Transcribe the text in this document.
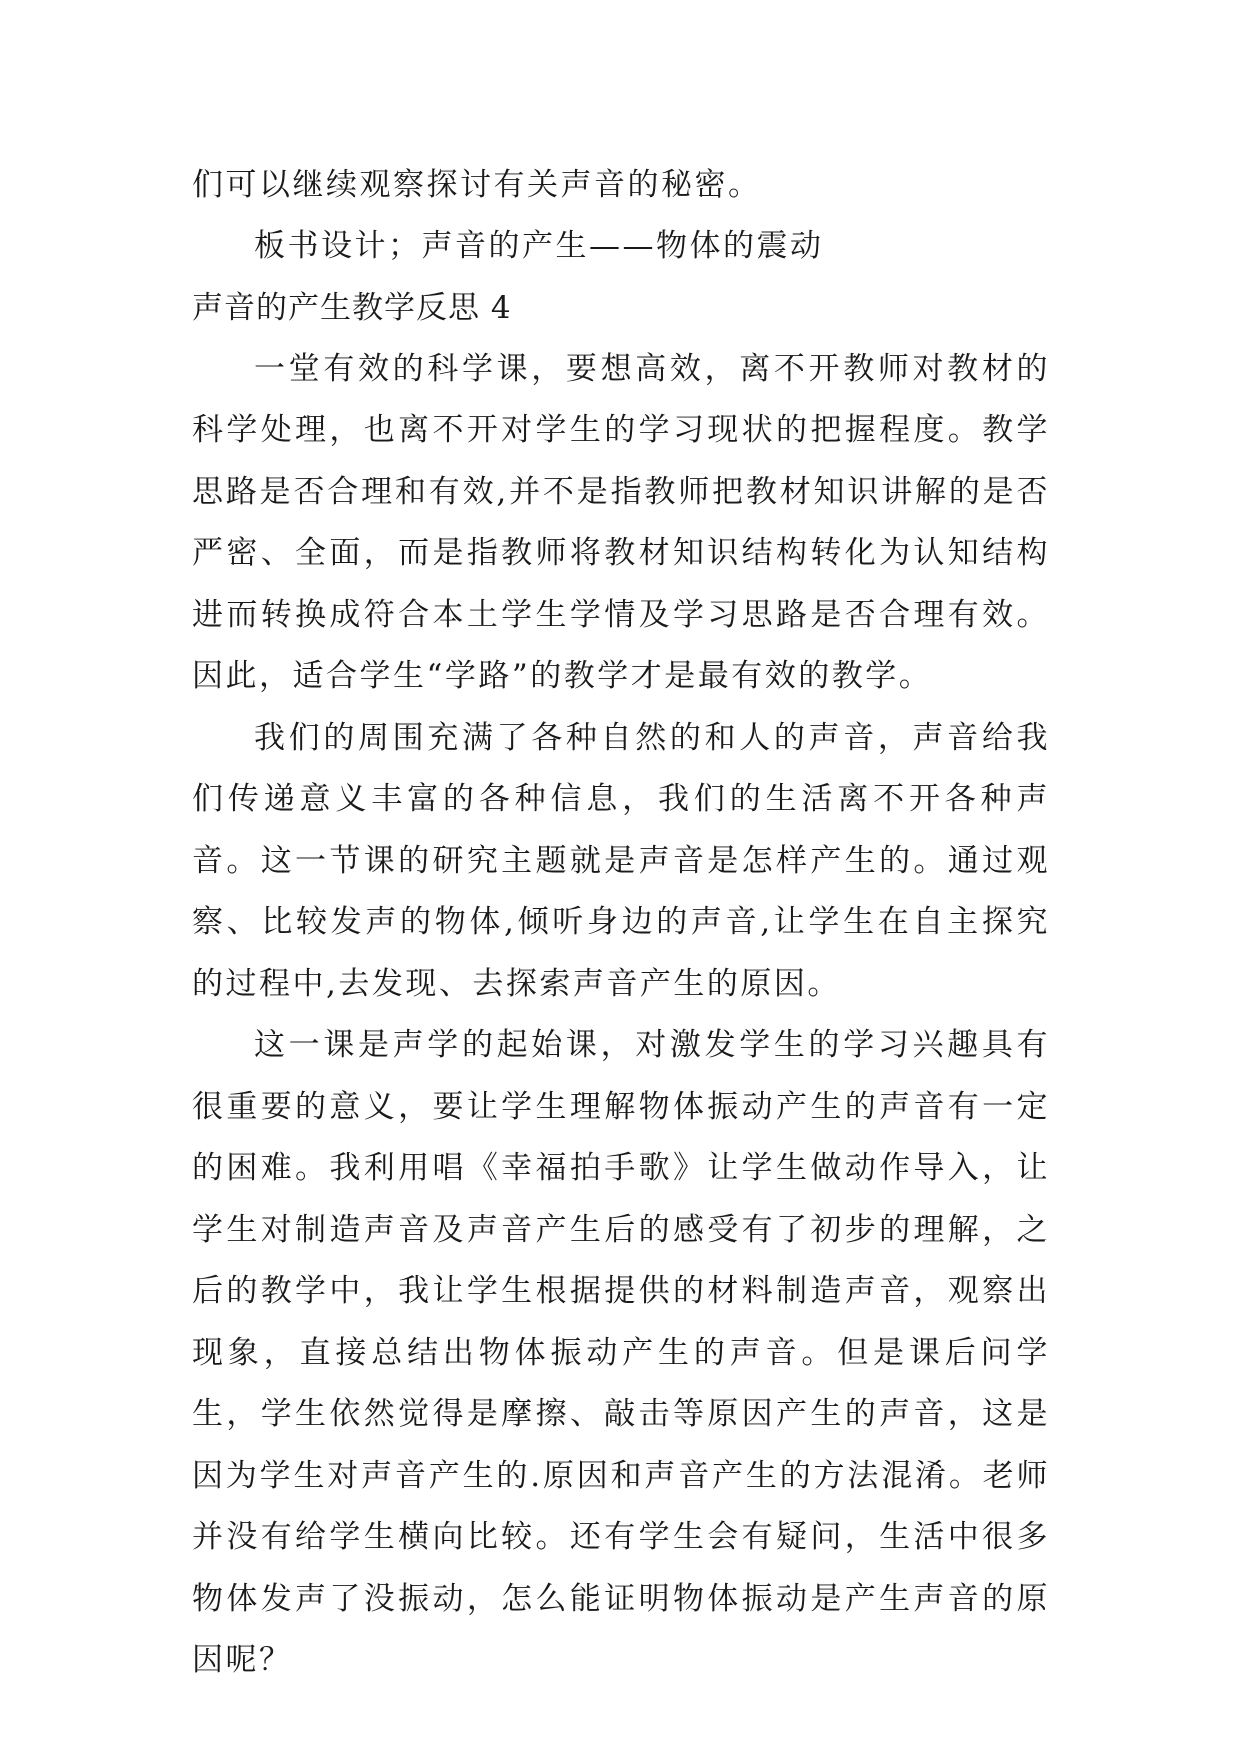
们可以继续观察探讨有关声音的秘密。

板书设计；声音的产生——物体的震动

声音的产生教学反思 4

一堂有效的科学课，要想高效，离不开教师对教材的科学处理，也离不开对学生的学习现状的把握程度。教学思路是否合理和有效,并不是指教师把教材知识讲解的是否严密、全面，而是指教师将教材知识结构转化为认知结构进而转换成符合本土学生学情及学习思路是否合理有效。因此，适合学生“学路”的教学才是最有效的教学。

我们的周围充满了各种自然的和人的声音，声音给我们传递意义丰富的各种信息，我们的生活离不开各种声音。这一节课的研究主题就是声音是怎样产生的。通过观察、比较发声的物体,倾听身边的声音,让学生在自主探究的过程中,去发现、去探索声音产生的原因。

这一课是声学的起始课，对激发学生的学习兴趣具有很重要的意义，要让学生理解物体振动产生的声音有一定的困难。我利用唱《幸福拍手歌》让学生做动作导入，让学生对制造声音及声音产生后的感受有了初步的理解，之后的教学中，我让学生根据提供的材料制造声音，观察出现象，直接总结出物体振动产生的声音。但是课后问学生，学生依然觉得是摩擦、敲击等原因产生的声音，这是因为学生对声音产生的.原因和声音产生的方法混淆。老师并没有给学生横向比较。还有学生会有疑问，生活中很多物体发声了没振动，怎么能证明物体振动是产生声音的原因呢？
